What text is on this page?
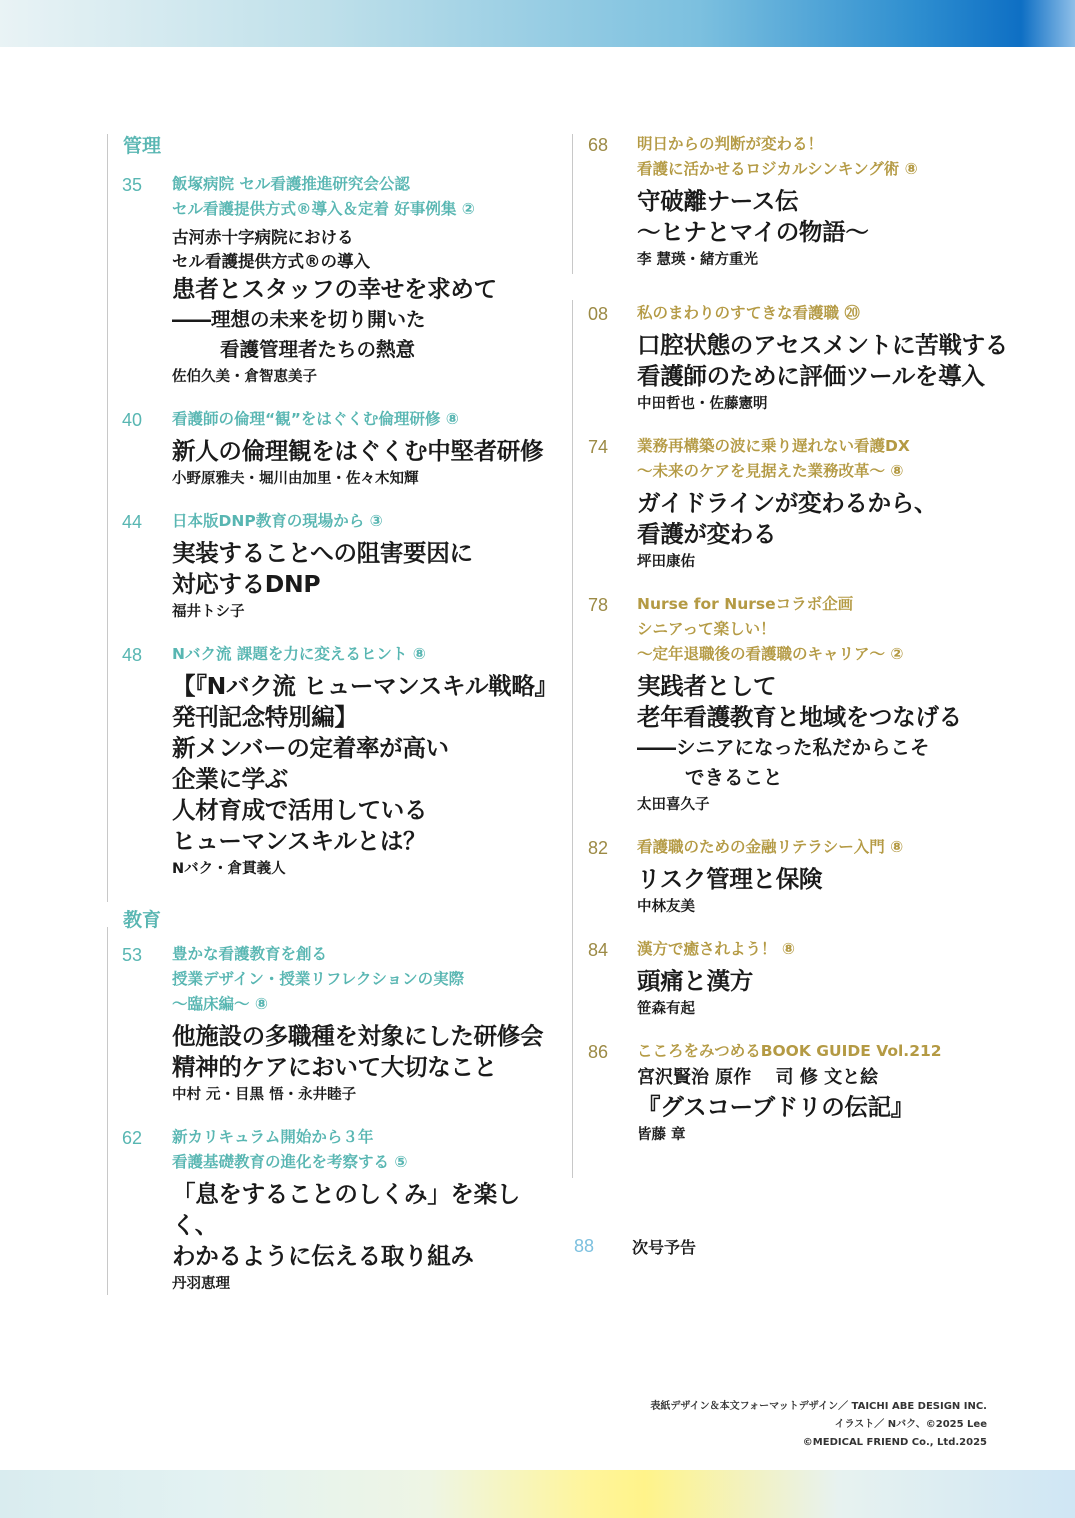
管理
35 飯塚病院 セル看護推進研究会公認
セル看護提供方式®導入＆定着 好事例集 ②
古河赤十字病院における
セル看護提供方式®の導入
患者とスタッフの幸せを求めて
――理想の未来を切り開いた
看護管理者たちの熱意
佐伯久美・倉智恵美子
40 看護師の倫理“観”をはぐくむ倫理研修 ⑧
新人の倫理観をはぐくむ中堅者研修
小野原雅夫・堀川由加里・佐々木知輝
44 日本版DNP教育の現場から ③
実装することへの阻害要因に
対応するDNP
福井トシ子
48 Nバク流 課題を力に変えるヒント ⑧
【『Nバク流 ヒューマンスキル戦略』
発刊記念特別編】
新メンバーの定着率が高い
企業に学ぶ
人材育成で活用している
ヒューマンスキルとは？
Nバク・倉貫義人
教育
53 豊かな看護教育を創る
授業デザイン・授業リフレクションの実際
～臨床編～ ⑧
他施設の多職種を対象にした研修会
精神的ケアにおいて大切なこと
中村 元・目黒 悟・永井睦子
62 新カリキュラム開始から３年
看護基礎教育の進化を考察する ⑤
「息をすることのしくみ」を楽しく、
わかるように伝える取り組み
丹羽恵理
68 明日からの判断が変わる！
看護に活かせるロジカルシンキング術 ⑧
守破離ナース伝
～ヒナとマイの物語～
李 慧瑛・緒方重光
08 私のまわりのすてきな看護職 ⑳
口腔状態のアセスメントに苦戦する
看護師のために評価ツールを導入
中田哲也・佐藤憲明
74 業務再構築の波に乗り遅れない看護DX
～未来のケアを見据えた業務改革～ ⑧
ガイドラインが変わるから、
看護が変わる
坪田康佑
78 Nurse for Nurseコラボ企画
シニアって楽しい！
～定年退職後の看護職のキャリア～ ②
実践者として
老年看護教育と地域をつなげる
――シニアになった私だからこそ
できること
太田喜久子
82 看護職のための金融リテラシー入門 ⑧
リスク管理と保険
中林友美
84 漢方で癒されよう！ ⑧
頭痛と漢方
笹森有起
86 こころをみつめるBOOK GUIDE Vol.212
宮沢賢治 原作　 司 修 文と絵
『グスコーブドリの伝記』
皆藤 章
88 次号予告
表紙デザイン＆本文フォーマットデザイン／ TAICHI ABE DESIGN INC.
イラスト／ Nバク、©2025 Lee
©MEDICAL FRIEND Co., Ltd.2025
